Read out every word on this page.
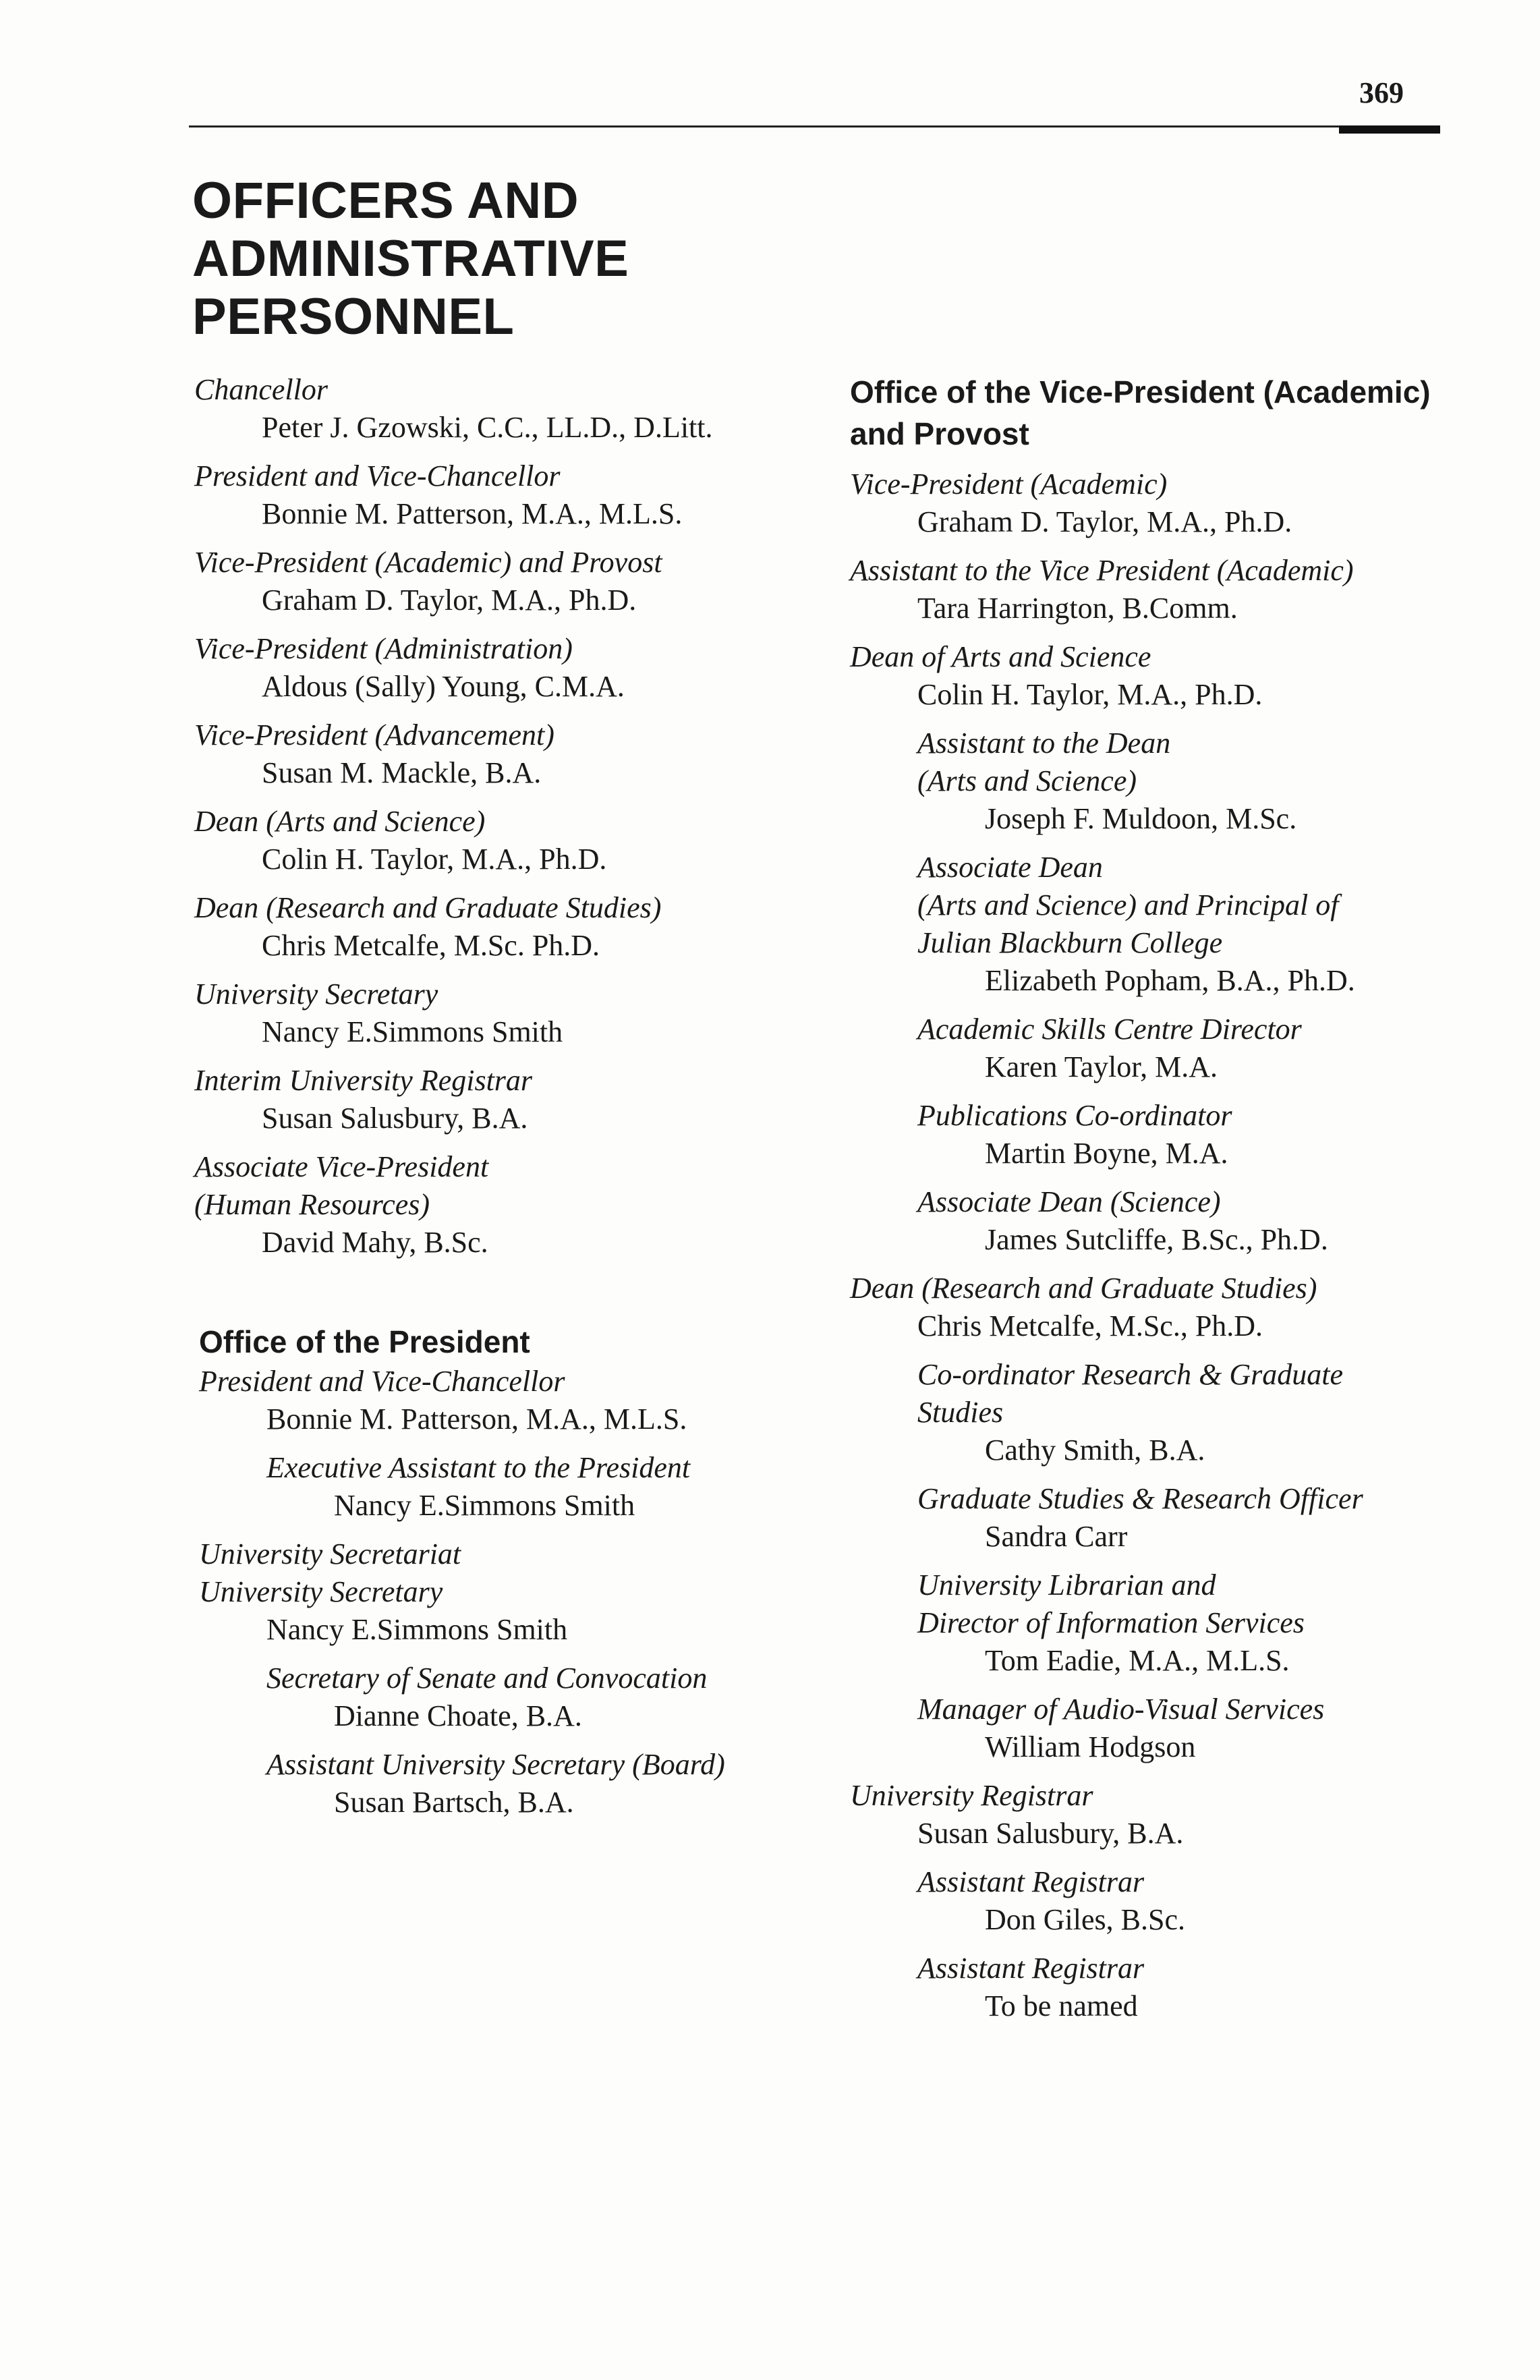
369
OFFICERS AND
ADMINISTRATIVE
PERSONNEL
Chancellor
Peter J. Gzowski, C.C., LL.D., D.Litt.
President and Vice-Chancellor
Bonnie M. Patterson, M.A., M.L.S.
Vice-President (Academic) and Provost
Graham D. Taylor, M.A., Ph.D.
Vice-President (Administration)
Aldous (Sally) Young, C.M.A.
Vice-President (Advancement)
Susan M. Mackle, B.A.
Dean (Arts and Science)
Colin H. Taylor, M.A., Ph.D.
Dean (Research and Graduate Studies)
Chris Metcalfe, M.Sc. Ph.D.
University Secretary
Nancy E.Simmons Smith
Interim University Registrar
Susan Salusbury, B.A.
Associate Vice-President
(Human Resources)
David Mahy, B.Sc.
Office of the President
President and Vice-Chancellor
Bonnie M. Patterson, M.A., M.L.S.
Executive Assistant to the President
Nancy E.Simmons Smith
University Secretariat
University Secretary
Nancy E.Simmons Smith
Secretary of Senate and Convocation
Dianne Choate, B.A.
Assistant University Secretary (Board)
Susan Bartsch, B.A.
Office of the Vice-President (Academic)
and Provost
Vice-President (Academic)
Graham D. Taylor, M.A., Ph.D.
Assistant to the Vice President (Academic)
Tara Harrington, B.Comm.
Dean of Arts and Science
Colin H. Taylor, M.A., Ph.D.
Assistant to the Dean
(Arts and Science)
Joseph F. Muldoon, M.Sc.
Associate Dean
(Arts and Science) and Principal of
Julian Blackburn College
Elizabeth Popham, B.A., Ph.D.
Academic Skills Centre Director
Karen Taylor, M.A.
Publications Co-ordinator
Martin Boyne, M.A.
Associate Dean (Science)
James Sutcliffe, B.Sc., Ph.D.
Dean (Research and Graduate Studies)
Chris Metcalfe, M.Sc., Ph.D.
Co-ordinator Research & Graduate
Studies
Cathy Smith, B.A.
Graduate Studies & Research Officer
Sandra Carr
University Librarian and
Director of Information Services
Tom Eadie, M.A., M.L.S.
Manager of Audio-Visual Services
William Hodgson
University Registrar
Susan Salusbury, B.A.
Assistant Registrar
Don Giles, B.Sc.
Assistant Registrar
To be named
